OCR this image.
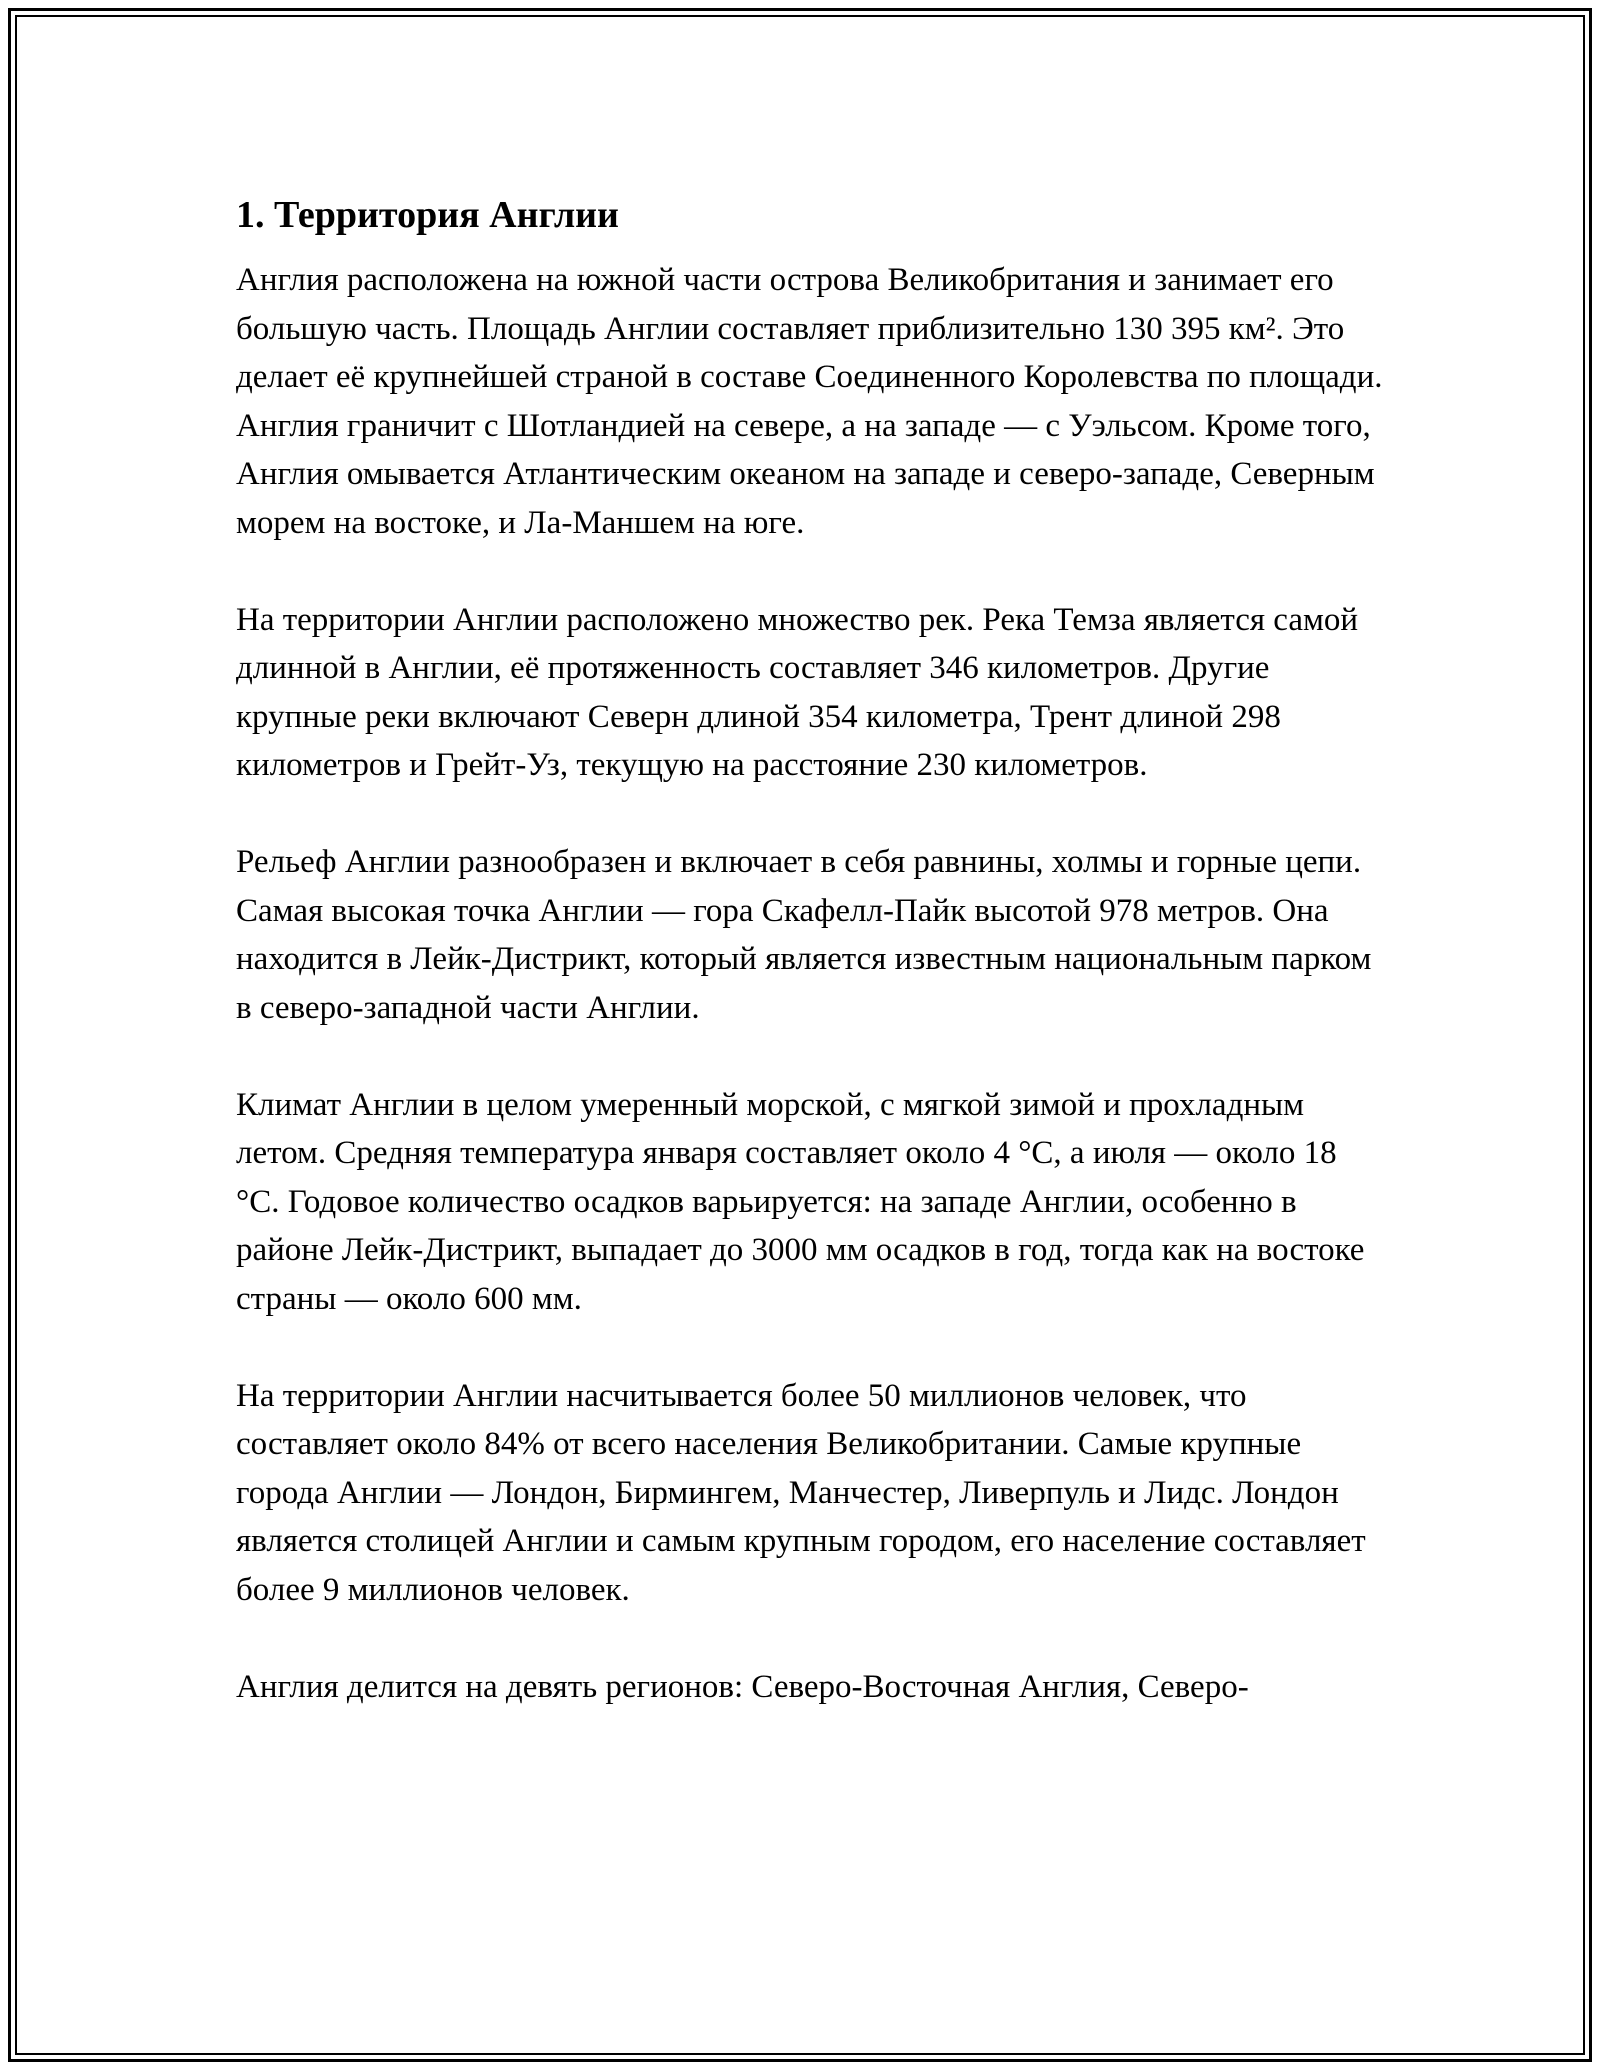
1. Территория Англии

Англия расположена на южной части острова Великобритания и занимает его большую часть. Площадь Англии составляет приблизительно 130 395 км². Это делает её крупнейшей страной в составе Соединенного Королевства по площади. Англия граничит с Шотландией на севере, а на западе — с Уэльсом. Кроме того, Англия омывается Атлантическим океаном на западе и северо-западе, Северным морем на востоке, и Ла-Маншем на юге.

На территории Англии расположено множество рек. Река Темза является самой длинной в Англии, её протяженность составляет 346 километров. Другие крупные реки включают Северн длиной 354 километра, Трент длиной 298 километров и Грейт-Уз, текущую на расстояние 230 километров.

Рельеф Англии разнообразен и включает в себя равнины, холмы и горные цепи. Самая высокая точка Англии — гора Скафелл-Пайк высотой 978 метров. Она находится в Лейк-Дистрикт, который является известным национальным парком в северо-западной части Англии.

Климат Англии в целом умеренный морской, с мягкой зимой и прохладным летом. Средняя температура января составляет около 4 °C, а июля — около 18 °C. Годовое количество осадков варьируется: на западе Англии, особенно в районе Лейк-Дистрикт, выпадает до 3000 мм осадков в год, тогда как на востоке страны — около 600 мм.

На территории Англии насчитывается более 50 миллионов человек, что составляет около 84% от всего населения Великобритании. Самые крупные города Англии — Лондон, Бирмингем, Манчестер, Ливерпуль и Лидс. Лондон является столицей Англии и самым крупным городом, его население составляет более 9 миллионов человек.

Англия делится на девять регионов: Северо-Восточная Англия, Северо-
